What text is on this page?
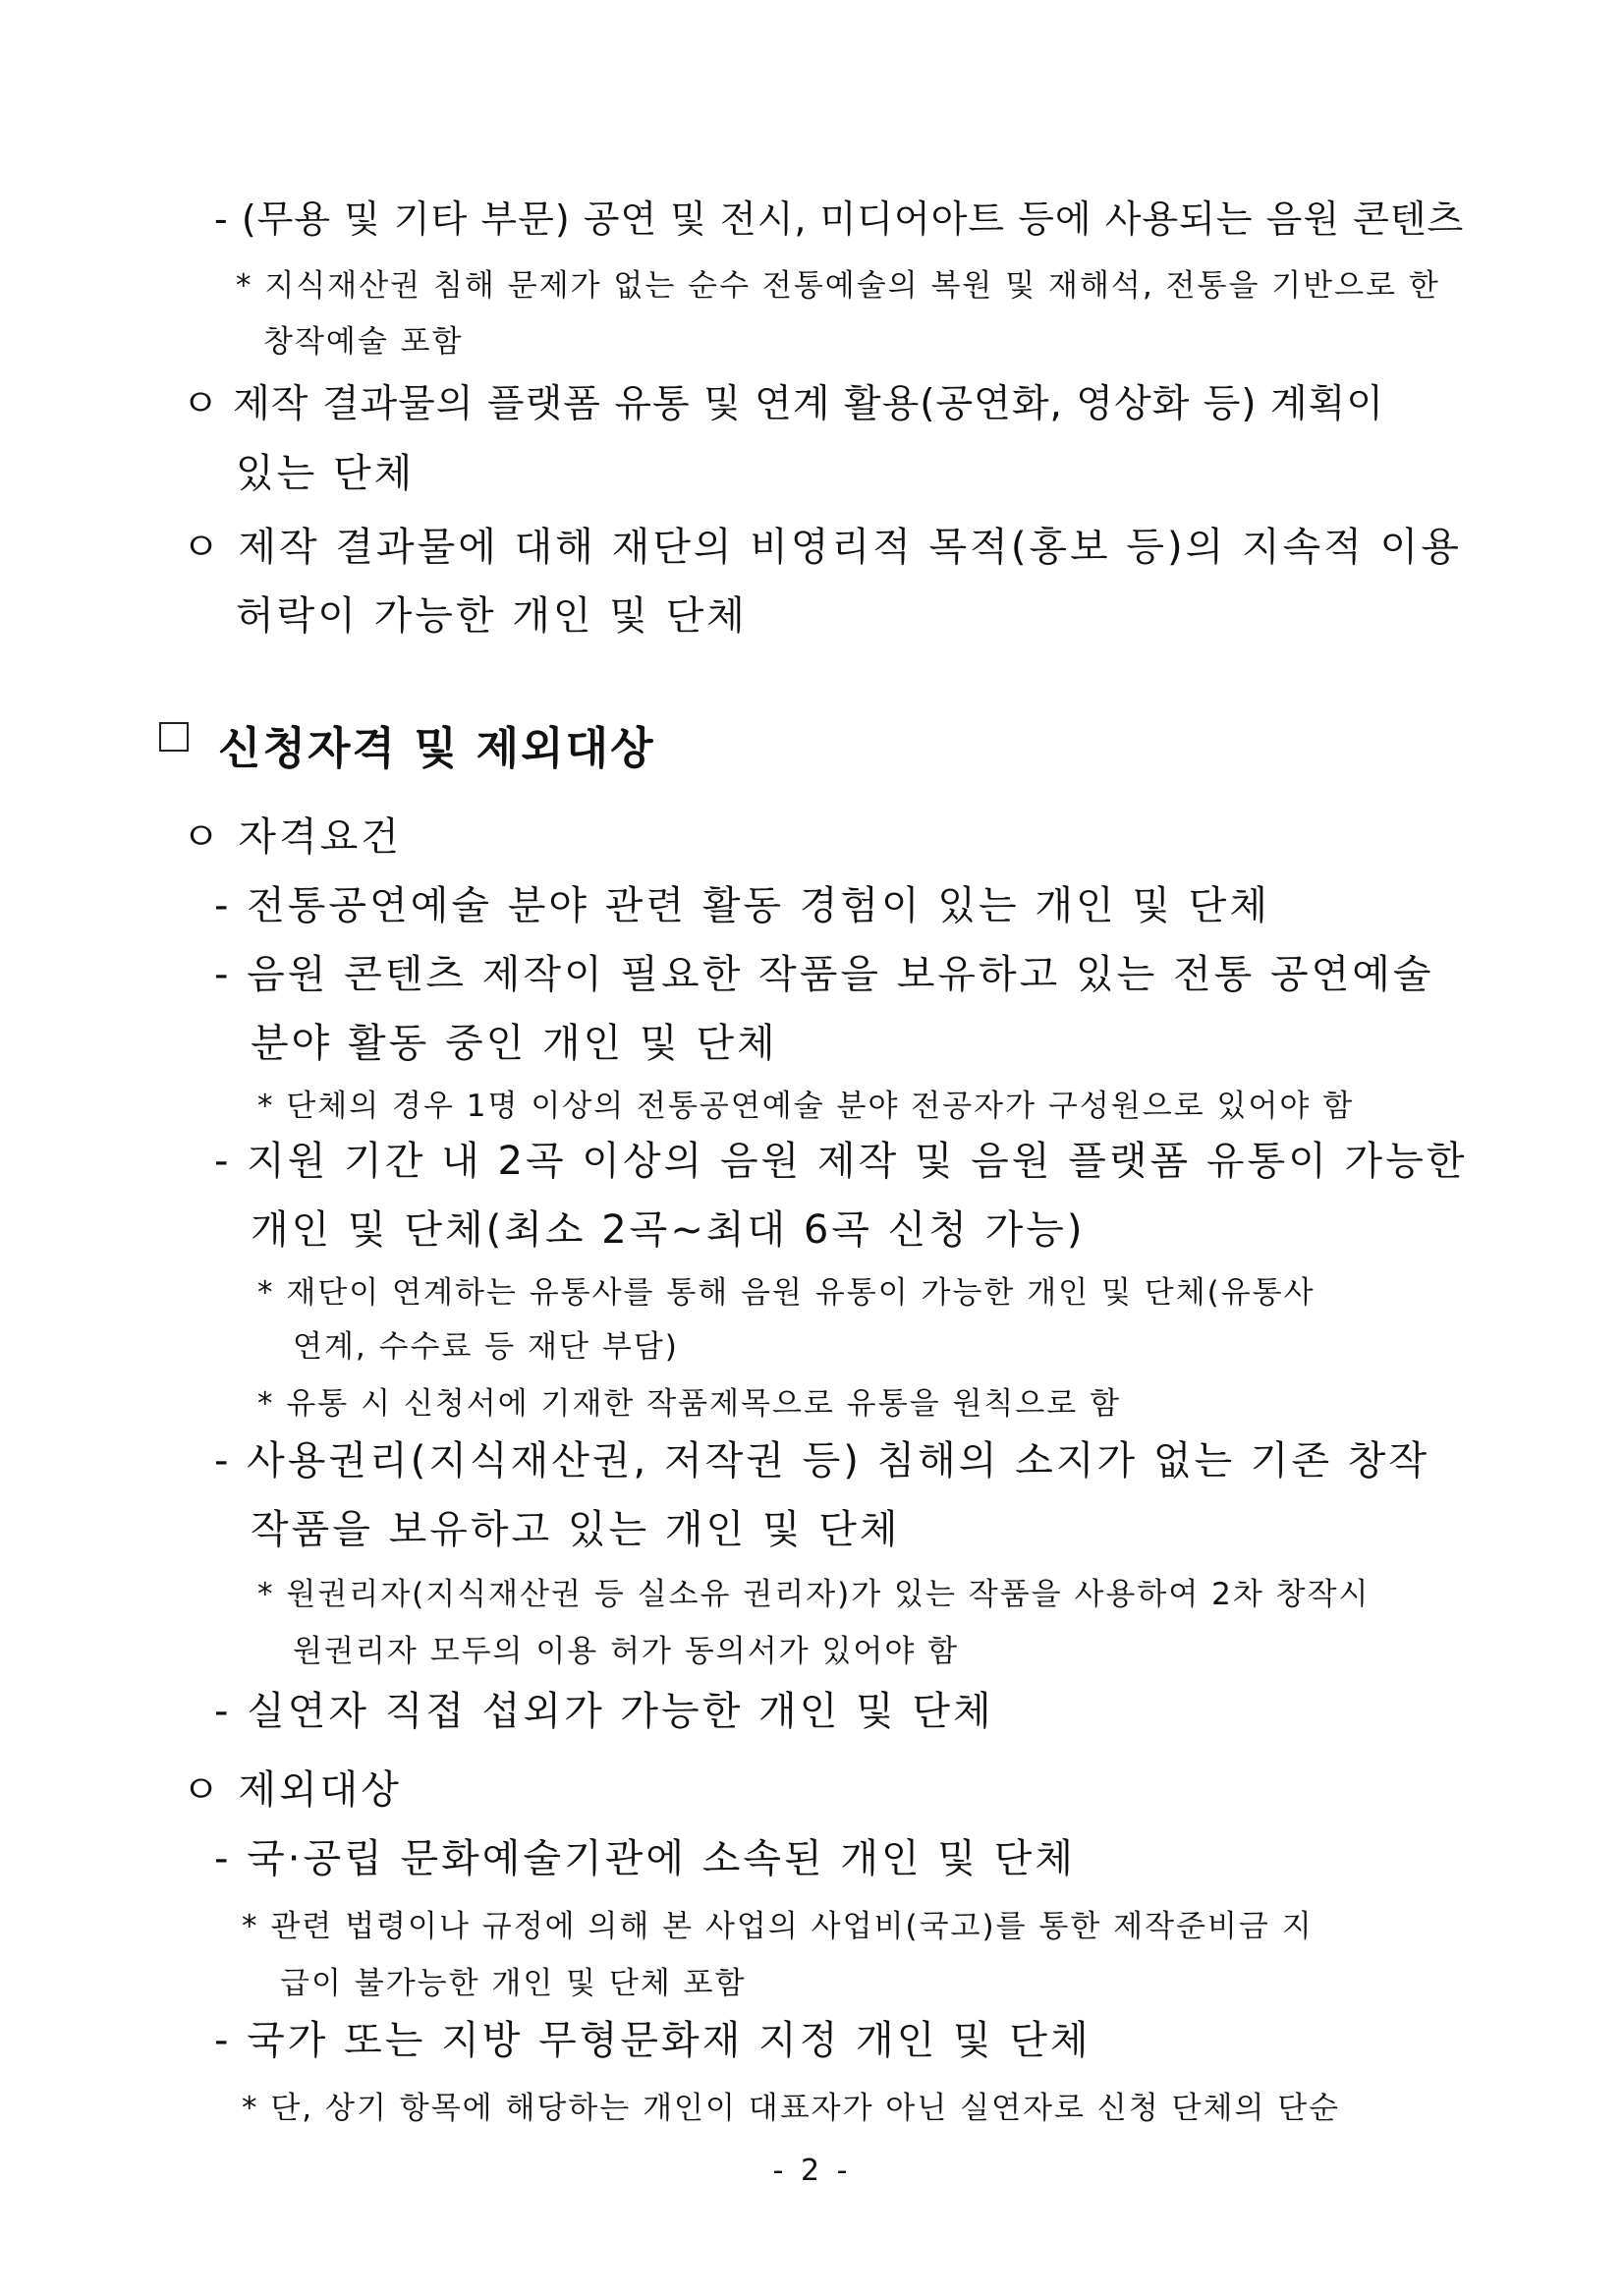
- (무용 및 기타 부문) 공연 및 전시, 미디어아트 등에 사용되는 음원 콘텐츠
* 지식재산권 침해 문제가 없는 순수 전통예술의 복원 및 재해석, 전통을 기반으로 한
창작예술 포함
ㅇ 제작 결과물의 플랫폼 유통 및 연계 활용(공연화, 영상화 등) 계획이
있는 단체
ㅇ 제작 결과물에 대해 재단의 비영리적 목적(홍보 등)의 지속적 이용
허락이 가능한 개인 및 단체
신청자격 및 제외대상
ㅇ 자격요건
- 전통공연예술 분야 관련 활동 경험이 있는 개인 및 단체
- 음원 콘텐츠 제작이 필요한 작품을 보유하고 있는 전통 공연예술
분야 활동 중인 개인 및 단체
* 단체의 경우 1명 이상의 전통공연예술 분야 전공자가 구성원으로 있어야 함
- 지원 기간 내 2곡 이상의 음원 제작 및 음원 플랫폼 유통이 가능한
개인 및 단체(최소 2곡~최대 6곡 신청 가능)
* 재단이 연계하는 유통사를 통해 음원 유통이 가능한 개인 및 단체(유통사
연계, 수수료 등 재단 부담)
* 유통 시 신청서에 기재한 작품제목으로 유통을 원칙으로 함
- 사용권리(지식재산권, 저작권 등) 침해의 소지가 없는 기존 창작
작품을 보유하고 있는 개인 및 단체
* 원권리자(지식재산권 등 실소유 권리자)가 있는 작품을 사용하여 2차 창작시
원권리자 모두의 이용 허가 동의서가 있어야 함
- 실연자 직접 섭외가 가능한 개인 및 단체
ㅇ 제외대상
- 국·공립 문화예술기관에 소속된 개인 및 단체
* 관련 법령이나 규정에 의해 본 사업의 사업비(국고)를 통한 제작준비금 지
급이 불가능한 개인 및 단체 포함
- 국가 또는 지방 무형문화재 지정 개인 및 단체
* 단, 상기 항목에 해당하는 개인이 대표자가 아닌 실연자로 신청 단체의 단순
- 2 -
